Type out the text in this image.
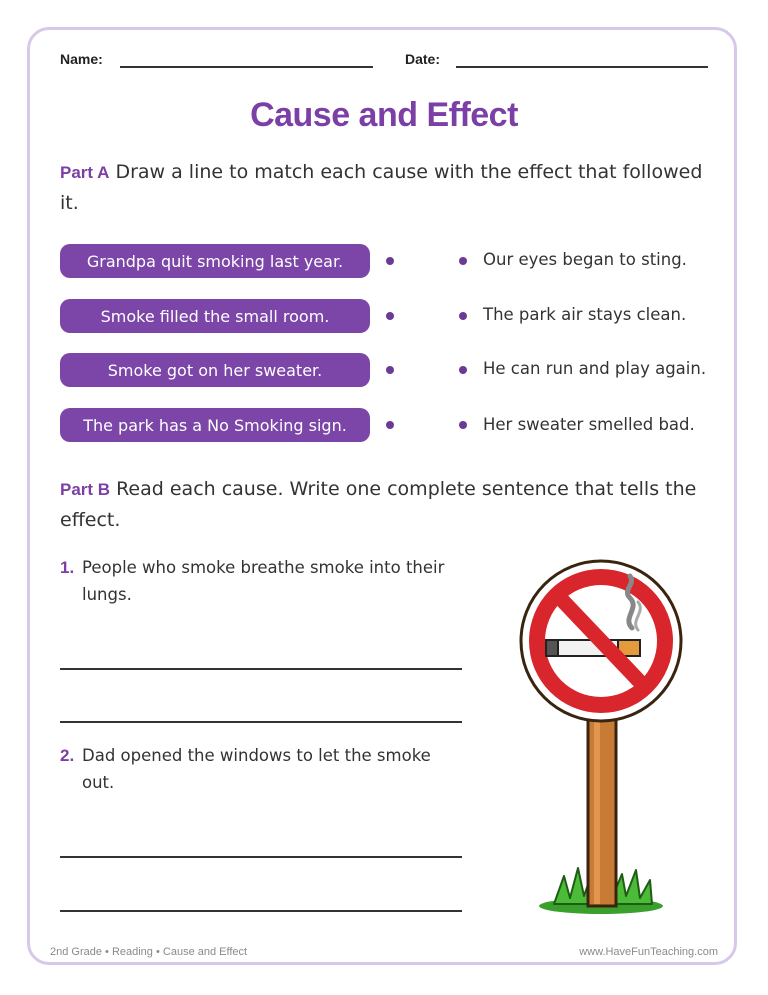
Name:	Date:
Cause and Effect
Part A Draw a line to match each cause with the effect that followed it.
Grandpa quit smoking last year.
Smoke filled the small room.
Smoke got on her sweater.
The park has a No Smoking sign.
Our eyes began to sting.
The park air stays clean.
He can run and play again.
Her sweater smelled bad.
Part B Read each cause. Write one complete sentence that tells the effect.
1. People who smoke breathe smoke into their lungs.
2. Dad opened the windows to let the smoke out.
2nd Grade • Reading • Cause and Effect	www.HaveFunTeaching.com
